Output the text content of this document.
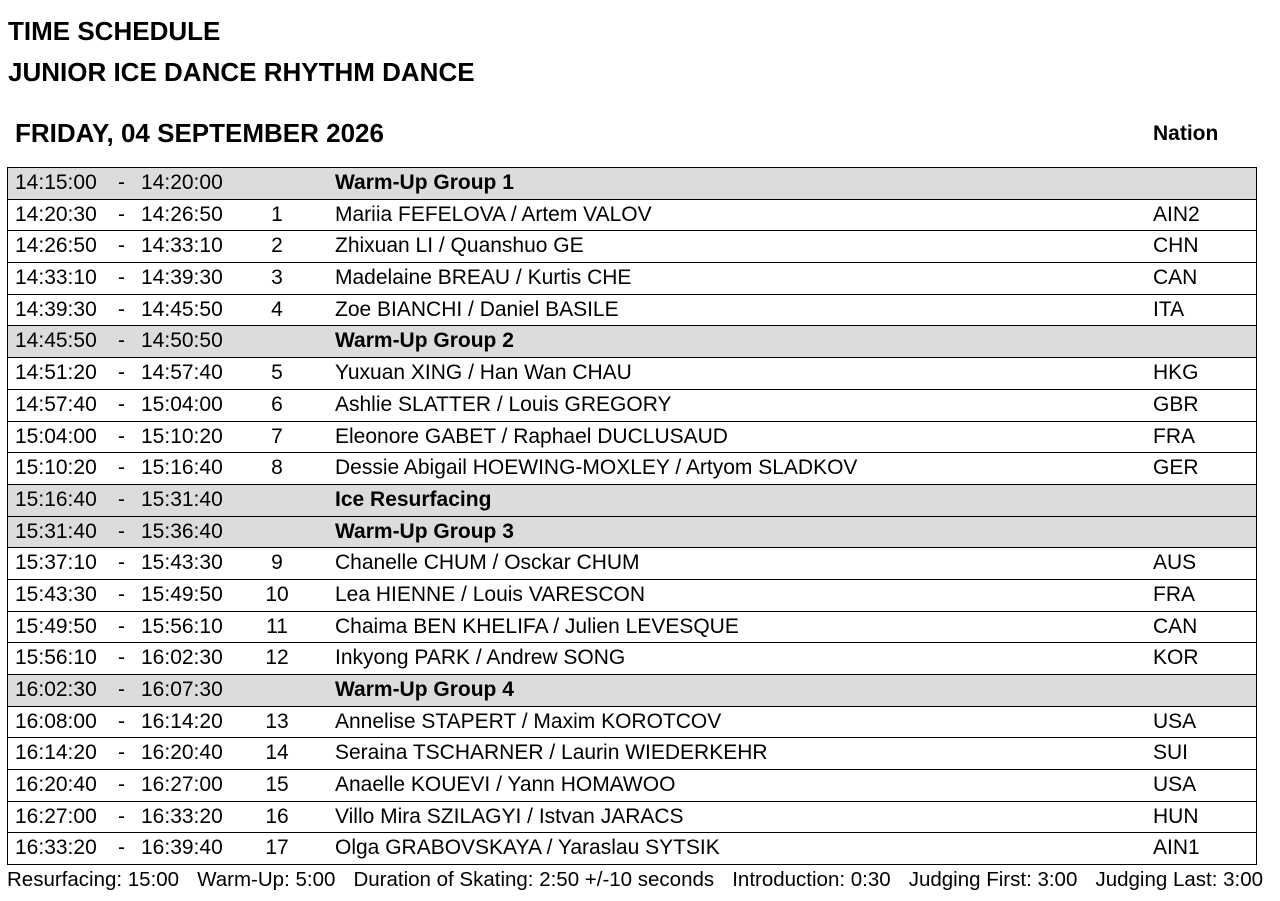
TIME SCHEDULE
JUNIOR ICE DANCE RHYTHM DANCE
FRIDAY, 04 SEPTEMBER 2026	Nation
14:15:00 - 14:20:00	Warm-Up Group 1
14:20:30 - 14:26:50	1	Mariia FEFELOVA / Artem VALOV	AIN2
14:26:50 - 14:33:10	2	Zhixuan LI / Quanshuo GE	CHN
14:33:10 - 14:39:30	3	Madelaine BREAU / Kurtis CHE	CAN
14:39:30 - 14:45:50	4	Zoe BIANCHI / Daniel BASILE	ITA
14:45:50 - 14:50:50	Warm-Up Group 2
14:51:20 - 14:57:40	5	Yuxuan XING / Han Wan CHAU	HKG
14:57:40 - 15:04:00	6	Ashlie SLATTER / Louis GREGORY	GBR
15:04:00 - 15:10:20	7	Eleonore GABET / Raphael DUCLUSAUD	FRA
15:10:20 - 15:16:40	8	Dessie Abigail HOEWING-MOXLEY / Artyom SLADKOV	GER
15:16:40 - 15:31:40	Ice Resurfacing
15:31:40 - 15:36:40	Warm-Up Group 3
15:37:10 - 15:43:30	9	Chanelle CHUM / Osckar CHUM	AUS
15:43:30 - 15:49:50	10	Lea HIENNE / Louis VARESCON	FRA
15:49:50 - 15:56:10	11	Chaima BEN KHELIFA / Julien LEVESQUE	CAN
15:56:10 - 16:02:30	12	Inkyong PARK / Andrew SONG	KOR
16:02:30 - 16:07:30	Warm-Up Group 4
16:08:00 - 16:14:20	13	Annelise STAPERT / Maxim KOROTCOV	USA
16:14:20 - 16:20:40	14	Seraina TSCHARNER / Laurin WIEDERKEHR	SUI
16:20:40 - 16:27:00	15	Anaelle KOUEVI / Yann HOMAWOO	USA
16:27:00 - 16:33:20	16	Villo Mira SZILAGYI / Istvan JARACS	HUN
16:33:20 - 16:39:40	17	Olga GRABOVSKAYA / Yaraslau SYTSIK	AIN1
Resurfacing: 15:00 Warm-Up: 5:00 Duration of Skating: 2:50 +/-10 seconds Introduction: 0:30 Judging First: 3:00 Judging Last: 3:00
